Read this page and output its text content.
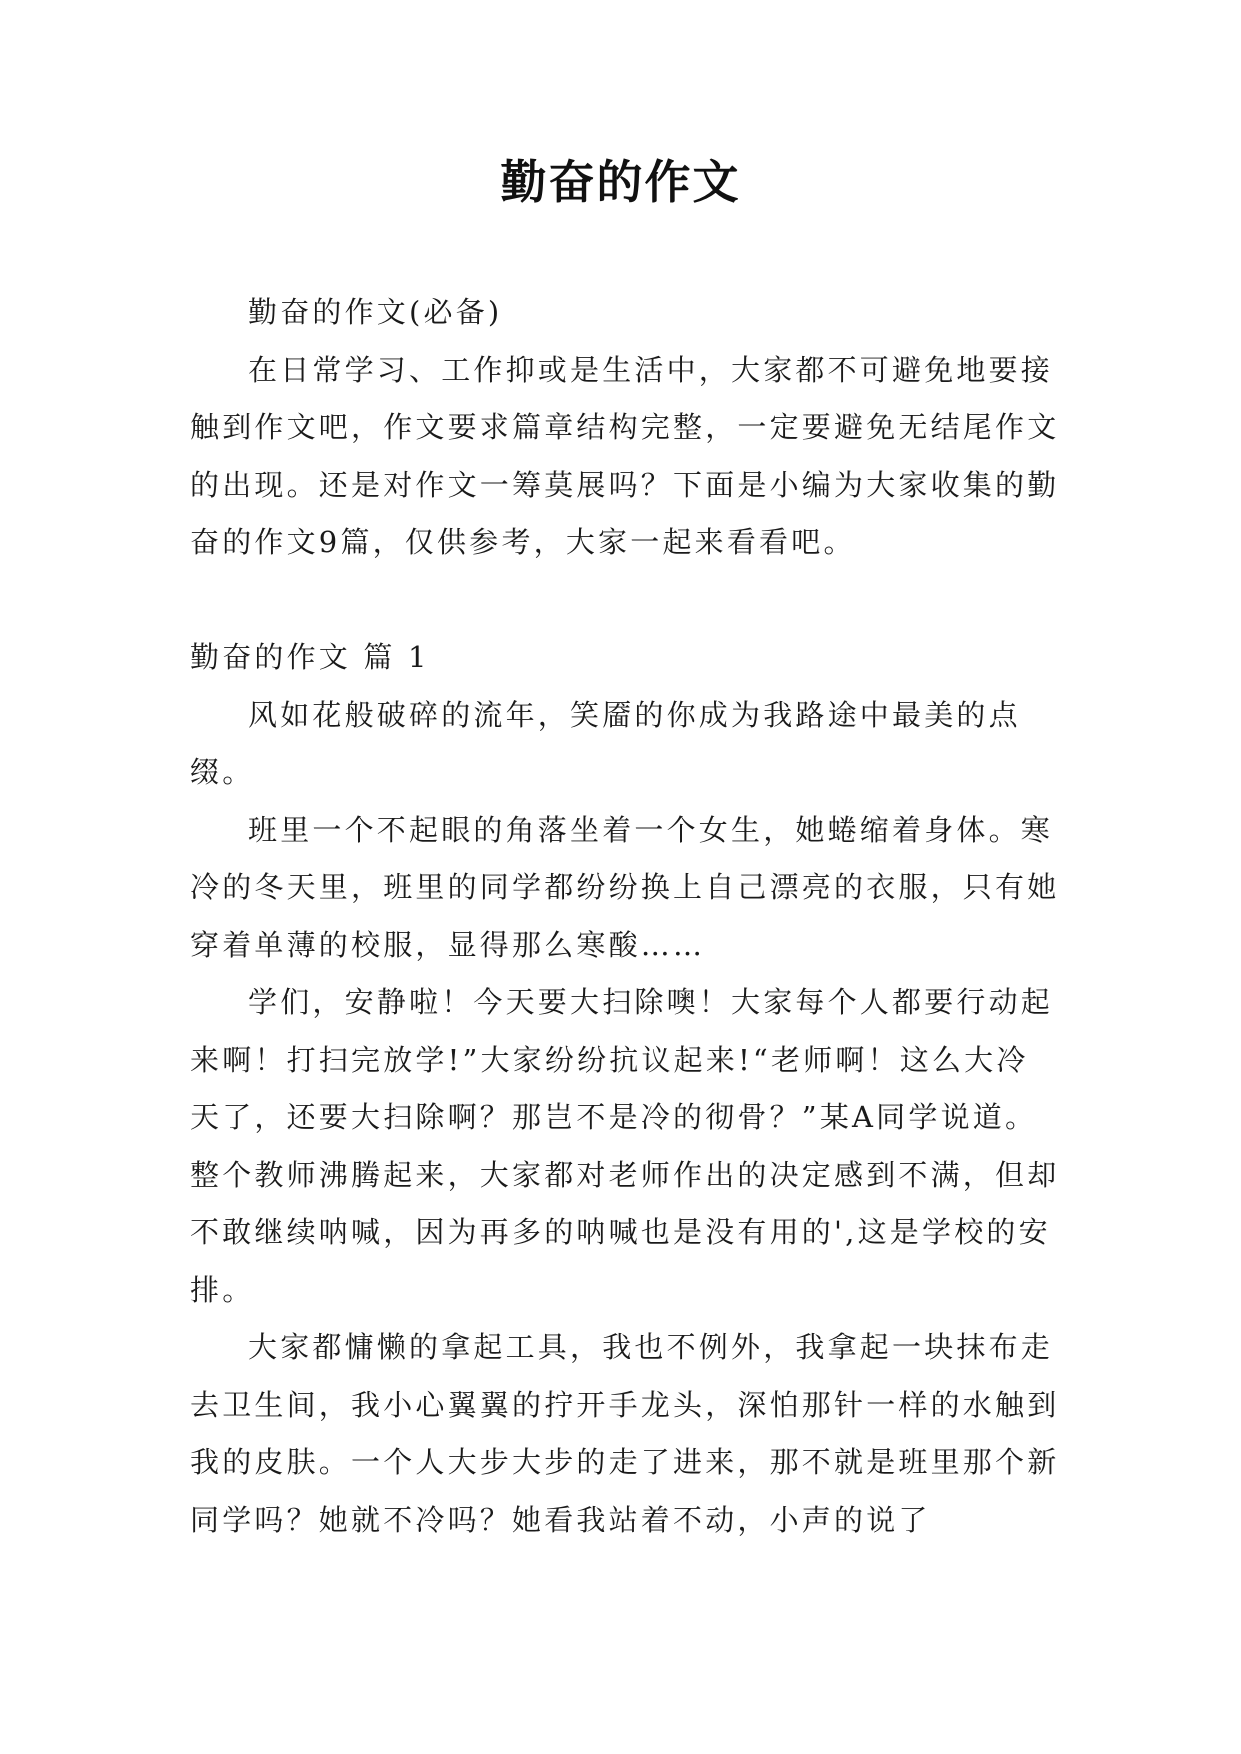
勤奋的作文

勤奋的作文(必备)

在日常学习、工作抑或是生活中，大家都不可避免地要接触到作文吧，作文要求篇章结构完整，一定要避免无结尾作文的出现。还是对作文一筹莫展吗？下面是小编为大家收集的勤奋的作文9篇，仅供参考，大家一起来看看吧。

勤奋的作文 篇 1

风如花般破碎的流年，笑靥的你成为我路途中最美的点缀。

班里一个不起眼的角落坐着一个女生，她蜷缩着身体。寒冷的冬天里，班里的同学都纷纷换上自己漂亮的衣服，只有她穿着单薄的校服，显得那么寒酸……

学们，安静啦！今天要大扫除噢！大家每个人都要行动起来啊！打扫完放学!”大家纷纷抗议起来!“老师啊！这么大冷天了，还要大扫除啊？那岂不是冷的彻骨？”某A同学说道。整个教师沸腾起来，大家都对老师作出的决定感到不满，但却不敢继续呐喊，因为再多的呐喊也是没有用的',这是学校的安排。

大家都慵懒的拿起工具，我也不例外，我拿起一块抹布走去卫生间，我小心翼翼的拧开手龙头，深怕那针一样的水触到我的皮肤。一个人大步大步的走了进来，那不就是班里那个新同学吗？她就不冷吗？她看我站着不动，小声的说了
